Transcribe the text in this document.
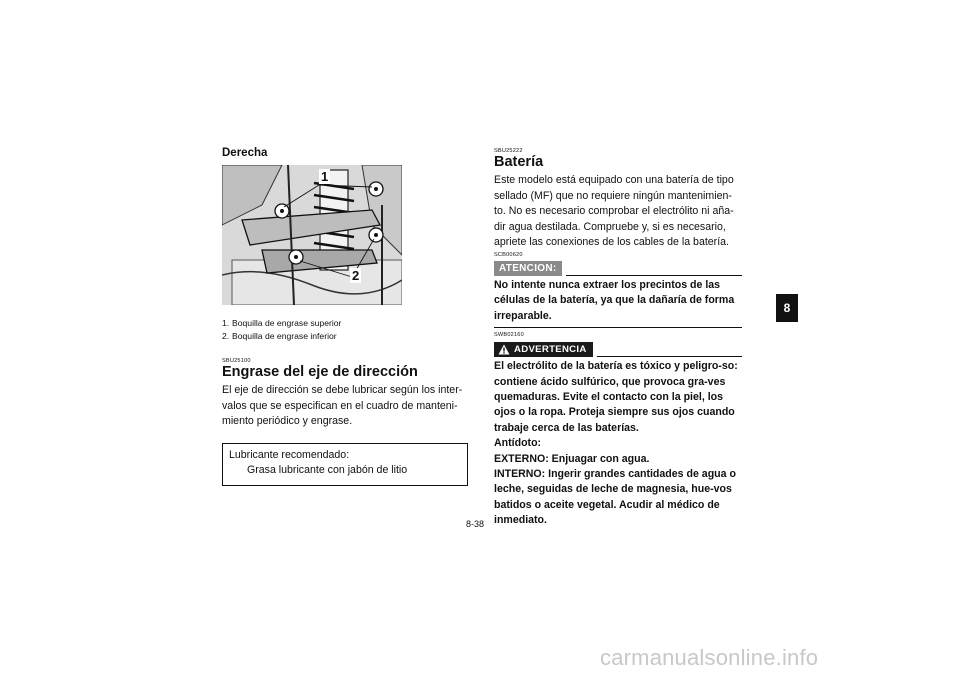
Derecha
1
2
1. Boquilla de engrase superior
2. Boquilla de engrase inferior
SBU25100
Engrase del eje de dirección

El eje de dirección se debe lubricar según los inter-valos que se especifican en el cuadro de manteni-miento periódico y engrase.

Lubricante recomendado:
Grasa lubricante con jabón de litio
SBU25222
Batería

Este modelo está equipado con una batería de tipo sellado (MF) que no requiere ningún mantenimien-to. No es necesario comprobar el electrólito ni aña-dir agua destilada. Compruebe y, si es necesario, apriete las conexiones de los cables de la batería.

SCB00620
ATENCION:

No intente nunca extraer los precintos de las células de la batería, ya que la dañaría de forma irreparable.

SWB02160
ADVERTENCIA

El electrólito de la batería es tóxico y peligro-so: contiene ácido sulfúrico, que provoca gra-ves quemaduras. Evite el contacto con la piel, los ojos o la ropa. Proteja siempre sus ojos cuando trabaje cerca de las baterías.

Antídoto:

EXTERNO: Enjuagar con agua.

INTERNO: Ingerir grandes cantidades de agua o leche, seguidas de leche de magnesia, hue-vos batidos o aceite vegetal. Acudir al médico de inmediato.

8-38
8
carmanualsonline.info
